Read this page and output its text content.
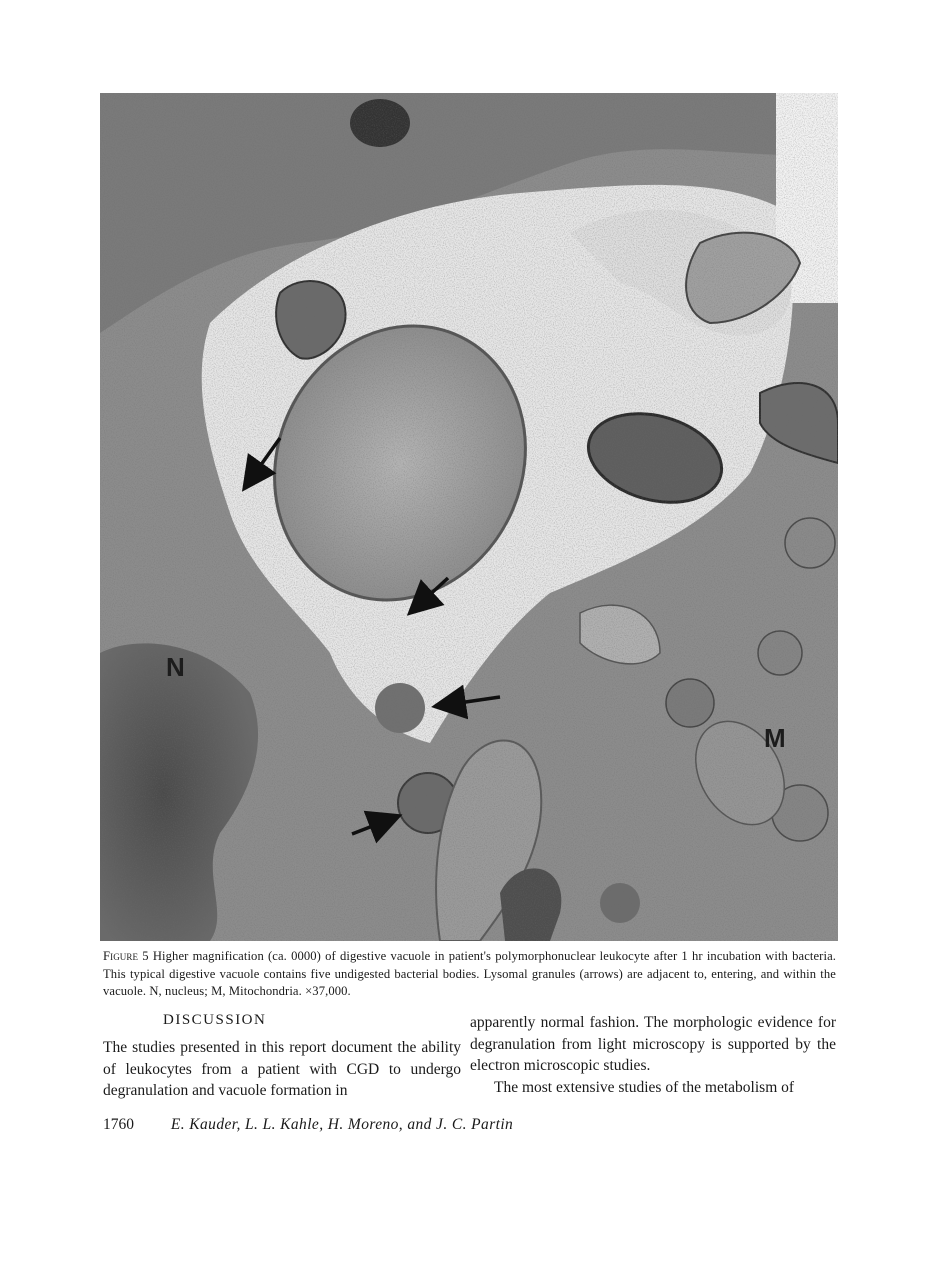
N
M
Figure 5 Higher magnification (ca. 0000) of digestive vacuole in patient's polymorphonuclear leukocyte after 1 hr incubation with bacteria. This typical digestive vacuole contains five undigested bacterial bodies. Lysomal granules (arrows) are adjacent to, entering, and within the vacuole. N, nucleus; M, Mitochondria. ×37,000.
DISCUSSION

The studies presented in this report document the ability of leukocytes from a patient with CGD to undergo degranulation and vacuole formation in

apparently normal fashion. The morphologic evidence for degranulation from light microscopy is supported by the electron microscopic studies.

The most extensive studies of the metabolism of

1760 E. Kauder, L. L. Kahle, H. Moreno, and J. C. Partin
